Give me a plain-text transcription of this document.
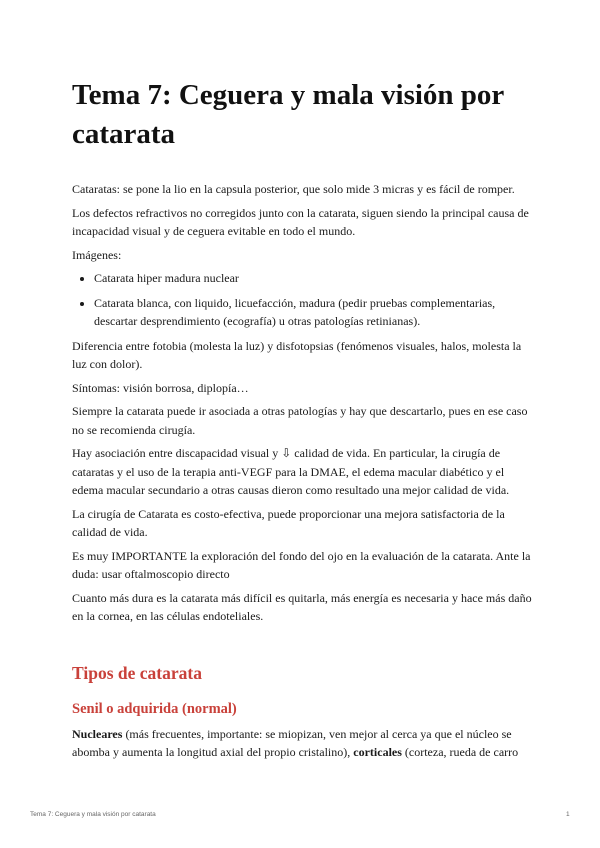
Tema 7: Ceguera y mala visión por catarata

Cataratas: se pone la lio en la capsula posterior, que solo mide 3 micras y es fácil de romper.

Los defectos refractivos no corregidos junto con la catarata, siguen siendo la principal causa de incapacidad visual y de ceguera evitable en todo el mundo.

Imágenes:

• Catarata hiper madura nuclear
• Catarata blanca, con liquido, licuefacción, madura (pedir pruebas complementarias, descartar desprendimiento (ecografía) u otras patologías retinianas).

Diferencia entre fotobia (molesta la luz) y disfotopsias (fenómenos visuales, halos, molesta la luz con dolor).

Síntomas: visión borrosa, diplopía…

Siempre la catarata puede ir asociada a otras patologías y hay que descartarlo, pues en ese caso no se recomienda cirugía.

Hay asociación entre discapacidad visual y ⇩ calidad de vida. En particular, la cirugía de cataratas y el uso de la terapia anti-VEGF para la DMAE, el edema macular diabético y el edema macular secundario a otras causas dieron como resultado una mejor calidad de vida.

La cirugía de Catarata es costo-efectiva, puede proporcionar una mejora satisfactoria de la calidad de vida.

Es muy IMPORTANTE la exploración del fondo del ojo en la evaluación de la catarata. Ante la duda: usar oftalmoscopio directo

Cuanto más dura es la catarata más difícil es quitarla, más energía es necesaria y hace más daño en la cornea, en las células endoteliales.

Tipos de catarata
Senil o adquirida (normal)

Nucleares (más frecuentes, importante: se miopizan, ven mejor al cerca ya que el núcleo se abomba y aumenta la longitud axial del propio cristalino), corticales (corteza, rueda de carro

Tema 7: Ceguera y mala visión por catarata	1
